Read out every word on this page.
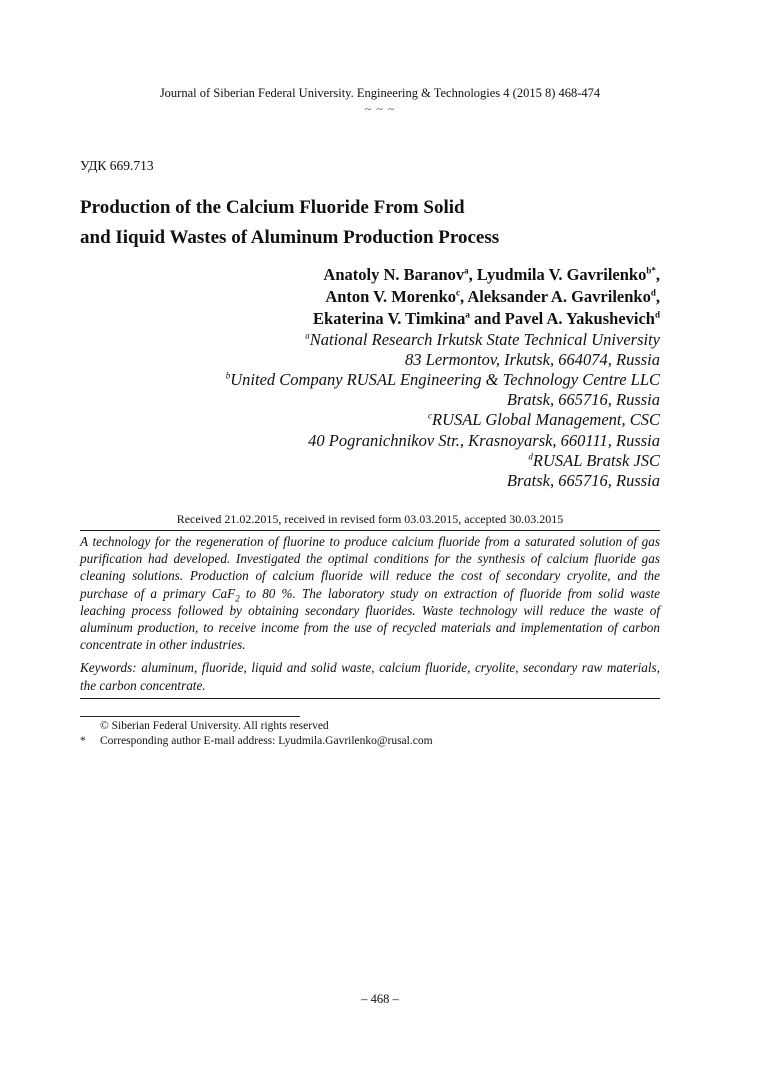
Journal of Siberian Federal University. Engineering & Technologies 4 (2015 8) 468-474
~ ~ ~
УДК 669.713
Production of the Calcium Fluoride From Solid
and Iiquid Wastes of Aluminum Production Process
Anatoly N. Baranov$^a$, Lyudmila V. Gavrilenko$^{b*}$,
Anton V. Morenko$^c$, Aleksander A. Gavrilenko$^d$,
Ekaterina V. Timkina$^a$ and Pavel A. Yakushevich$^d$
$^a$National Research Irkutsk State Technical University
83 Lermontov, Irkutsk, 664074, Russia
$^b$United Company RUSAL Engineering & Technology Centre LLC
Bratsk, 665716, Russia
$^c$RUSAL Global Management, CSC
40 Pogranichnikov Str., Krasnoyarsk, 660111, Russia
$^d$RUSAL Bratsk JSC
Bratsk, 665716, Russia
Received 21.02.2015, received in revised form 03.03.2015, accepted 30.03.2015

A technology for the regeneration of fluorine to produce calcium fluoride from a saturated solution of gas purification had developed. Investigated the optimal conditions for the synthesis of calcium fluoride gas cleaning solutions. Production of calcium fluoride will reduce the cost of secondary cryolite, and the purchase of a primary CaF$_2$ to 80 %. The laboratory study on extraction of fluoride from solid waste leaching process followed by obtaining secondary fluorides. Waste technology will reduce the waste of aluminum production, to receive income from the use of recycled materials and implementation of carbon concentrate in other industries.

Keywords: aluminum, fluoride, liquid and solid waste, calcium fluoride, cryolite, secondary raw materials, the carbon concentrate.

© Siberian Federal University. All rights reserved
* Corresponding author E-mail address: Lyudmila.Gavrilenko@rusal.com
– 468 –
